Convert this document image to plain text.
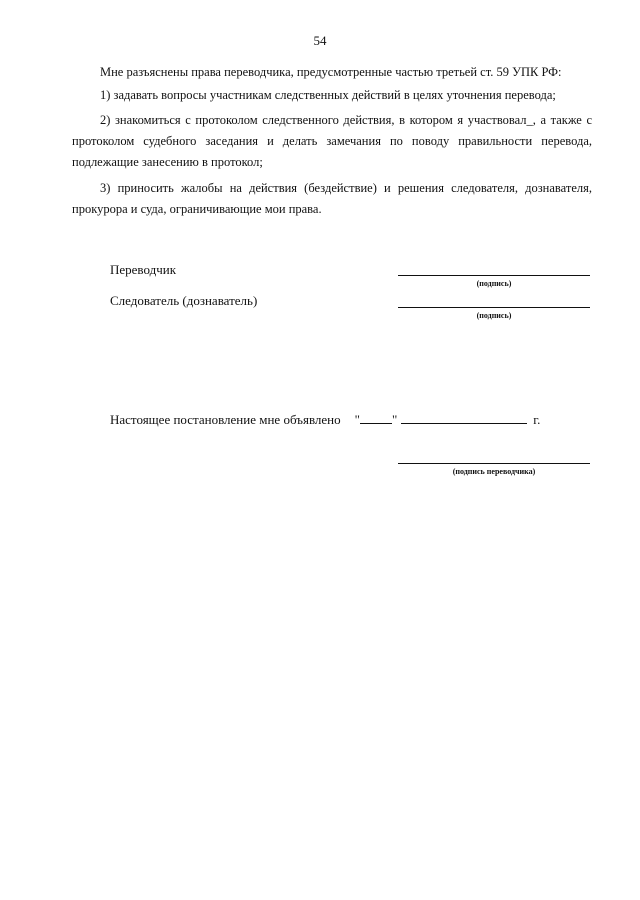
54
Мне разъяснены права переводчика, предусмотренные частью третьей ст. 59 УПК РФ:
1) задавать вопросы участникам следственных действий в целях уточнения перевода;
2) знакомиться с протоколом следственного действия, в котором я участвовал_, а также с протоколом судебного заседания и делать замечания по поводу правильности перевода, подлежащие занесению в протокол;
3) приносить жалобы на действия (бездействие) и решения следователя, дознавателя, прокурора и суда, ограничивающие мои права.
Переводчик
(подпись)
Следователь (дознаватель)
(подпись)
Настоящее постановление мне объявлено " "	г.
(подпись переводчика)
